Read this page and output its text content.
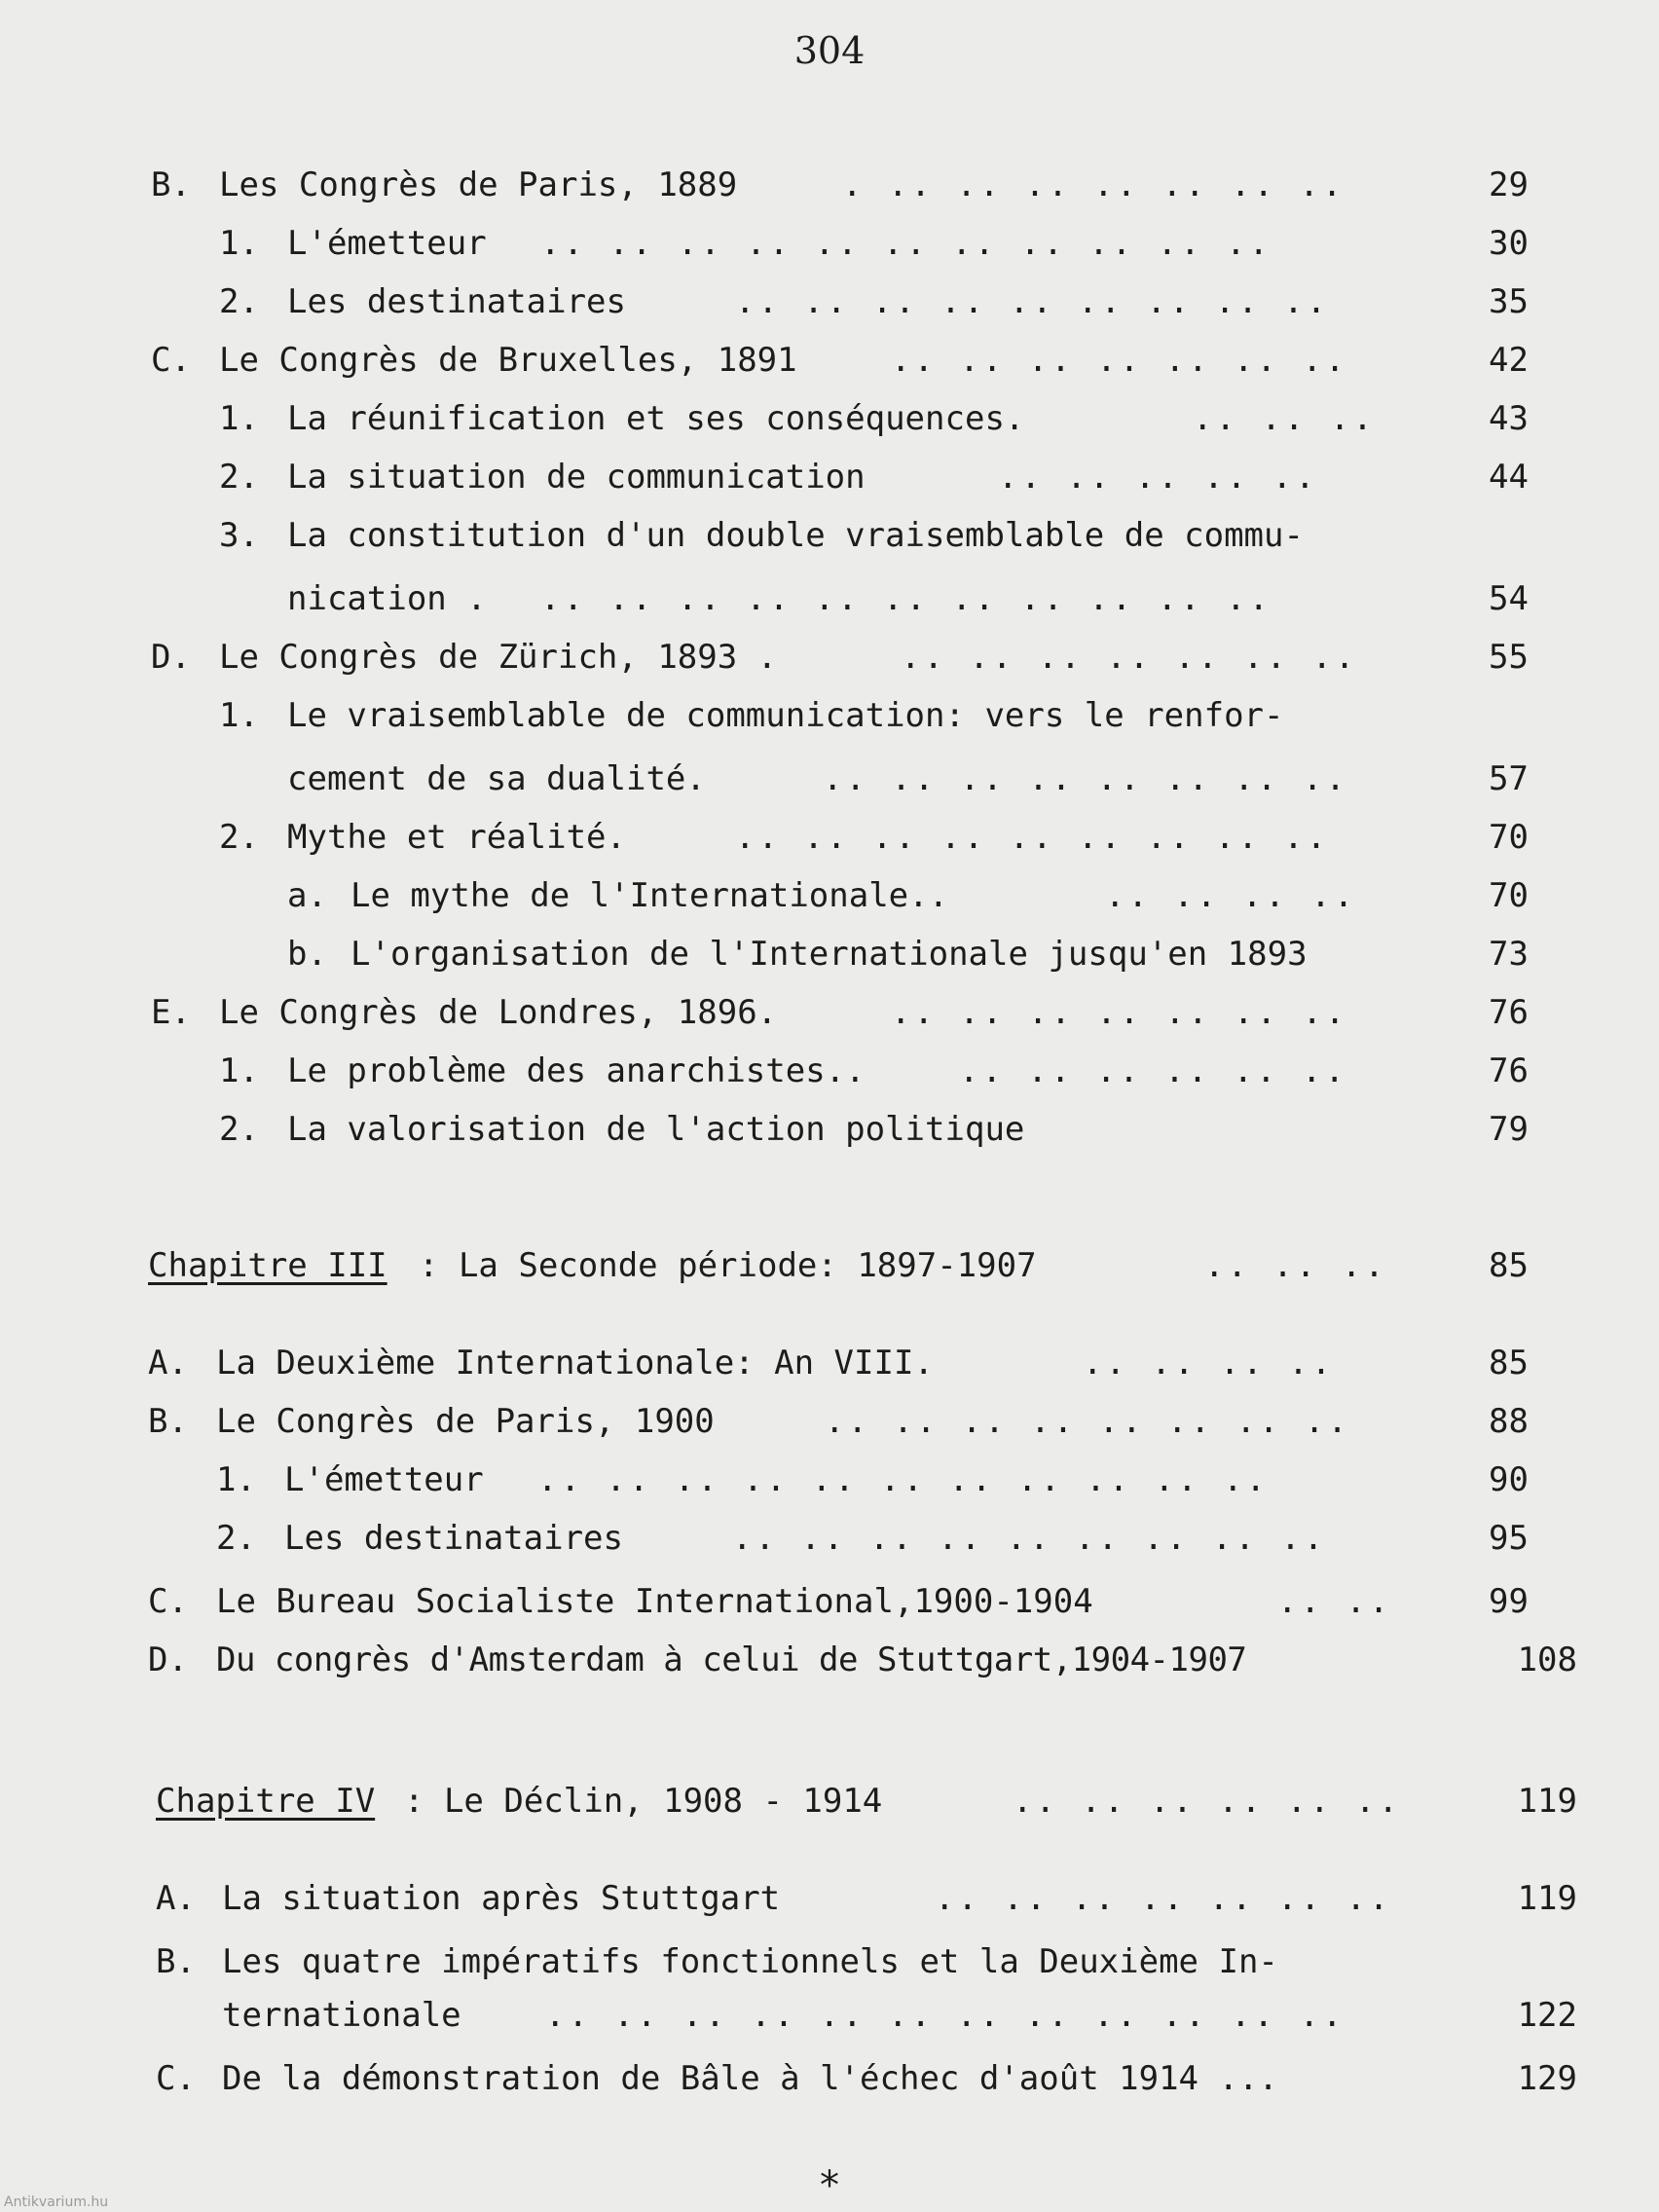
304
B. Les Congrès de Paris, 1889	. .. .. .. .. .. .. ..	29
1. L'émetteur .. .. .. .. .. .. .. .. .. .. ..	30
2. Les destinataires	.. .. .. .. .. .. .. .. ..	35
C. Le Congrès de Bruxelles, 1891	.. .. .. .. .. .. ..	42
1. La réunification et ses conséquences.	.. .. ..	43
2. La situation de communication	.. .. .. .. ..	44
3. La constitution d'un double vraisemblable de commu-
nication . .. .. .. .. .. .. .. .. .. .. ..	54
D. Le Congrès de Zürich, 1893 .	.. .. .. .. .. .. ..	55
1. Le vraisemblable de communication: vers le renfor-
cement de sa dualité.	.. .. .. .. .. .. .. ..	57
2. Mythe et réalité.	.. .. .. .. .. .. .. .. ..	70
a. Le mythe de l'Internationale..	.. .. .. ..	70
b. L'organisation de l'Internationale jusqu'en 1893	73
E. Le Congrès de Londres, 1896.	.. .. .. .. .. .. ..	76
1. Le problème des anarchistes..	.. .. .. .. .. ..	76
2. La valorisation de l'action politique	79
Chapitre III : La Seconde période: 1897-1907	.. .. ..	85
A. La Deuxième Internationale: An VIII.	.. .. .. ..	85
B. Le Congrès de Paris, 1900	.. .. .. .. .. .. .. ..	88
1. L'émetteur .. .. .. .. .. .. .. .. .. .. ..	90
2. Les destinataires	.. .. .. .. .. .. .. .. ..	95
C. Le Bureau Socialiste International,1900-1904	.. ..	99
D. Du congrès d'Amsterdam à celui de Stuttgart,1904-1907	108
Chapitre IV : Le Déclin, 1908 - 1914	.. .. .. .. .. ..	119
A. La situation après Stuttgart	.. .. .. .. .. .. ..	119
B. Les quatre impératifs fonctionnels et la Deuxième In-
ternationale	.. .. .. .. .. .. .. .. .. .. .. ..	122
C. De la démonstration de Bâle à l'échec d'août 1914 ...	129
*
Antikvarium.hu
